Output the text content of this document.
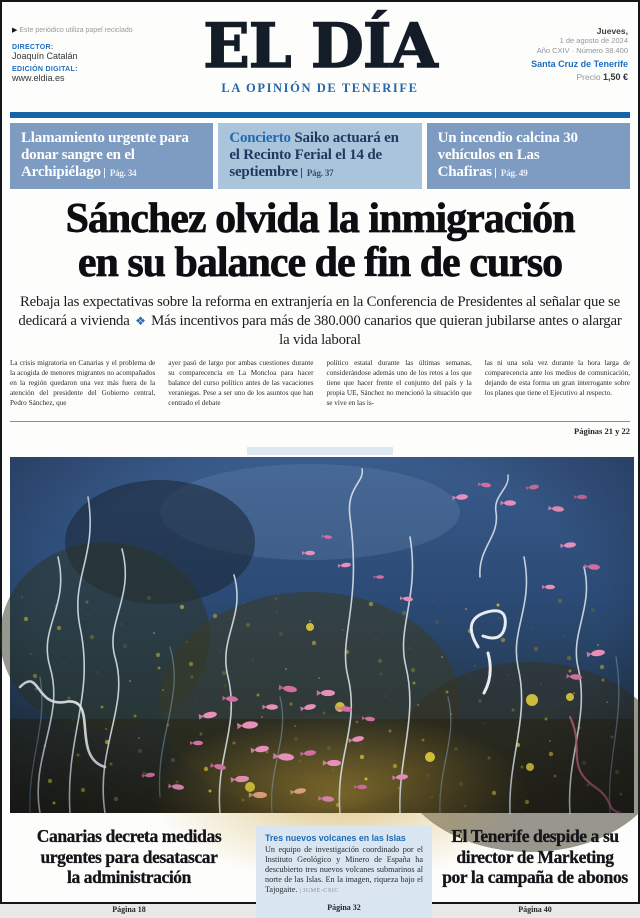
▶ Este periódico utiliza papel reciclado
DIRECTOR:
Joaquín Catalán
EDICIÓN DIGITAL:
www.eldia.es	EL DÍA
LA OPINIÓN DE TENERIFE
Jueves,
1 de agosto de 2024
Año CXIV · Número 38.400
Santa Cruz de Tenerife
Precio 1,50 €
Llamamiento urgente para donar sangre en el Archipiélago Pág. 34
Concierto Saiko actuará en el Recinto Ferial el 14 de septiembre Pág. 37
Un incendio calcina 30 vehículos en Las Chafiras Pág. 49
Sánchez olvida la inmigración
en su balance de fin de curso

Rebaja las expectativas sobre la reforma en extranjería en la Conferencia de Presidentes al señalar que se dedicará a vivienda ❖ Más incentivos para más de 380.000 canarios que quieran jubilarse antes o alargar la vida laboral

La crisis migratoria en Canarias y el problema de la acogida de menores migrantes no acompañados en la región quedaron una vez más fuera de la atención del presidente del Gobierno central, Pedro Sánchez, que

ayer pasó de largo por ambas cuestiones durante su comparecencia en La Moncloa para hacer balance del curso político antes de las vacaciones veraniegas. Pese a ser uno de los asuntos que han centrado el debate

político estatal durante las últimas semanas, considerándose además uno de los retos a los que tiene que hacer frente el conjunto del país y la propia UE, Sánchez no mencionó la situación que se vive en las is-

las ni una sola vez durante la hora larga de comparecencia ante los medios de comunicación, dejando de esta forma un gran interrogante sobre los planes que tiene el Ejecutivo al respecto.

Páginas 21 y 22
Canarias decreta medidas urgentes para desatascar la administración
Página 18
Tres nuevos volcanes en las Islas
Un equipo de investigación coordinado por el Instituto Geológico y Minero de España ha descubierto tres nuevos volcanes submarinos al norte de las Islas. En la imagen, riqueza bajo el Tajogaite. | IGME-CSIC
Página 32
El Tenerife despide a su director de Marketing por la campaña de abonos
Página 40
